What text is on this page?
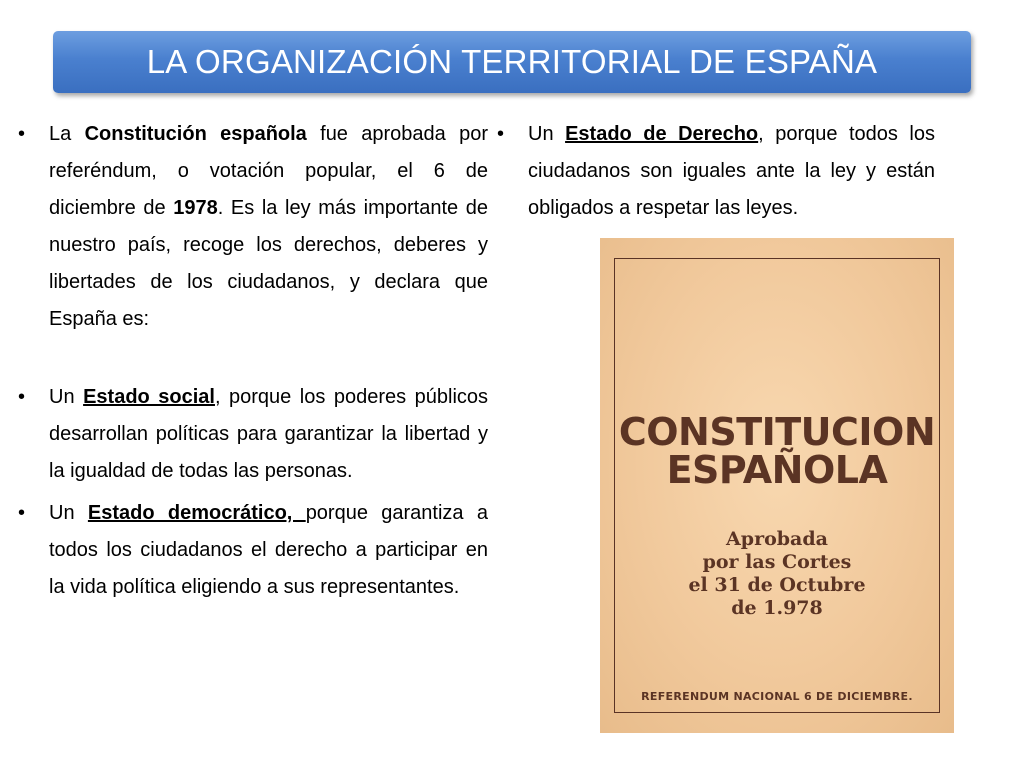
LA ORGANIZACIÓN TERRITORIAL DE ESPAÑA

•	La Constitución española fue aprobada por referéndum, o votación popular, el 6 de diciembre de 1978. Es la ley más importante de nuestro país, recoge los derechos, deberes y libertades de los ciudadanos, y declara que España es:

•	Un Estado social, porque los poderes públicos desarrollan políticas para garantizar la libertad y la igualdad de todas las personas.

•	Un Estado democrático, porque garantiza a todos los ciudadanos el derecho a participar en la vida política eligiendo a sus representantes.

•	Un Estado de Derecho, porque todos los ciudadanos son iguales ante la ley y están obligados a respetar las leyes.

CONSTITUCION
ESPAÑOLA
Aprobada
por las Cortes
el 31 de Octubre
de 1.978
REFERENDUM NACIONAL 6 DE DICIEMBRE.
